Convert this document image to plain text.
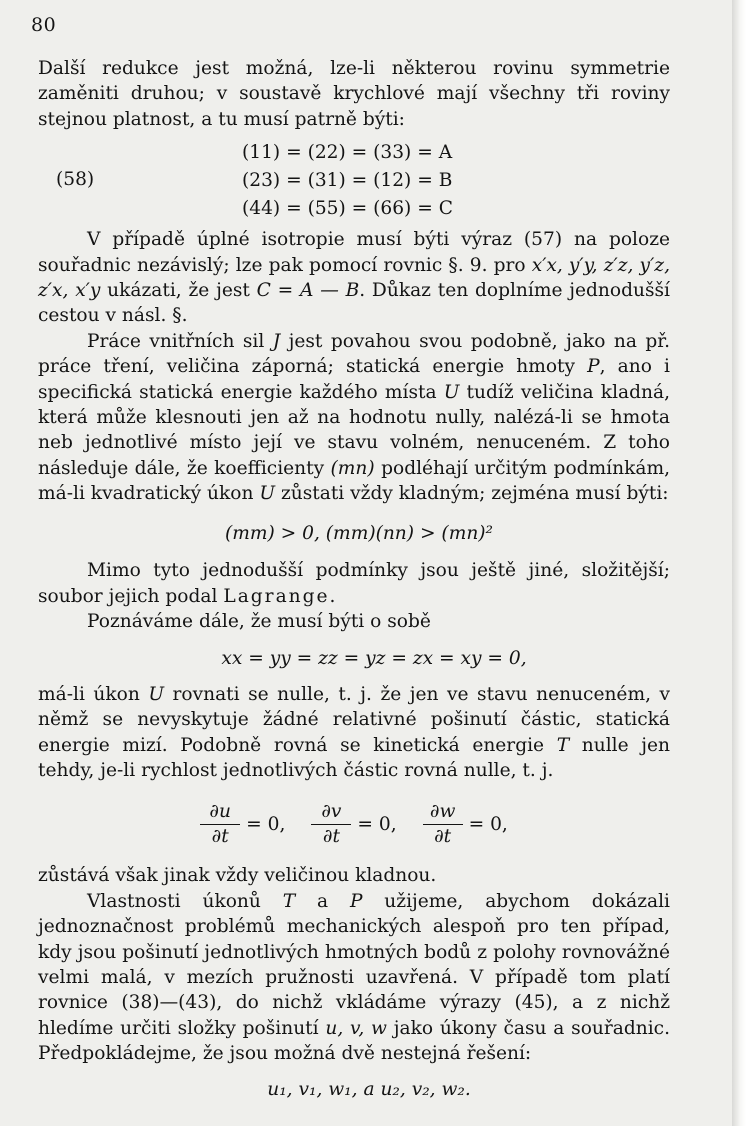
80

Další redukce jest možná, lze-li některou rovinu symmetrie zaměniti druhou; v soustavě krychlové mají všechny tři roviny stejnou platnost, a tu musí patrně býti:

(58)
(11) = (22) = (33) = A
(23) = (31) = (12) = B
(44) = (55) = (66) = C

V případě úplné isotropie musí býti výraz (57) na poloze souřadnic nezávislý; lze pak pomocí rovnic §. 9. pro x′x, y′y, z′z, y′z, z′x, x′y ukázati, že jest C = A — B. Důkaz ten doplníme jednodušší cestou v násl. §.

Práce vnitřních sil J jest povahou svou podobně, jako na př. práce tření, veličina záporná; statická energie hmoty P, ano i specifická statická energie každého místa U tudíž veličina kladná, která může klesnouti jen až na hodnotu nully, nalézá-li se hmota neb jednotlivé místo její ve stavu volném, nenuceném. Z toho následuje dále, že koefficienty (mn) podléhají určitým podmínkám, má-li kvadratický úkon U zůstati vždy kladným; zejména musí býti:

(mm) > 0, (mm)(nn) > (mn)²

Mimo tyto jednodušší podmínky jsou ještě jiné, složitější; soubor jejich podal Lagrange.

Poznáváme dále, že musí býti o sobě

xx = yy = zz = yz = zx = xy = 0,

má-li úkon U rovnati se nulle, t. j. že jen ve stavu nenuceném, v němž se nevyskytuje žádné relativné pošinutí částic, statická energie mizí. Podobně rovná se kinetická energie T nulle jen tehdy, je-li rychlost jednotlivých částic rovná nulle, t. j.

$\frac{\partial u}{\partial t} = 0$, $\frac{\partial v}{\partial t} = 0$, $\frac{\partial w}{\partial t} = 0$,

zůstává však jinak vždy veličinou kladnou.

Vlastnosti úkonů T a P užijeme, abychom dokázali jednoznačnost problémů mechanických alespoň pro ten případ, kdy jsou pošinutí jednotlivých hmotných bodů z polohy rovnovážné velmi malá, v mezích pružnosti uzavřená. V případě tom platí rovnice (38)—(43), do nichž vkládáme výrazy (45), a z nichž hledíme určiti složky pošinutí u, v, w jako úkony času a souřadnic. Předpokládejme, že jsou možná dvě nestejná řešení:

u₁, v₁, w₁, a u₂, v₂, w₂.
